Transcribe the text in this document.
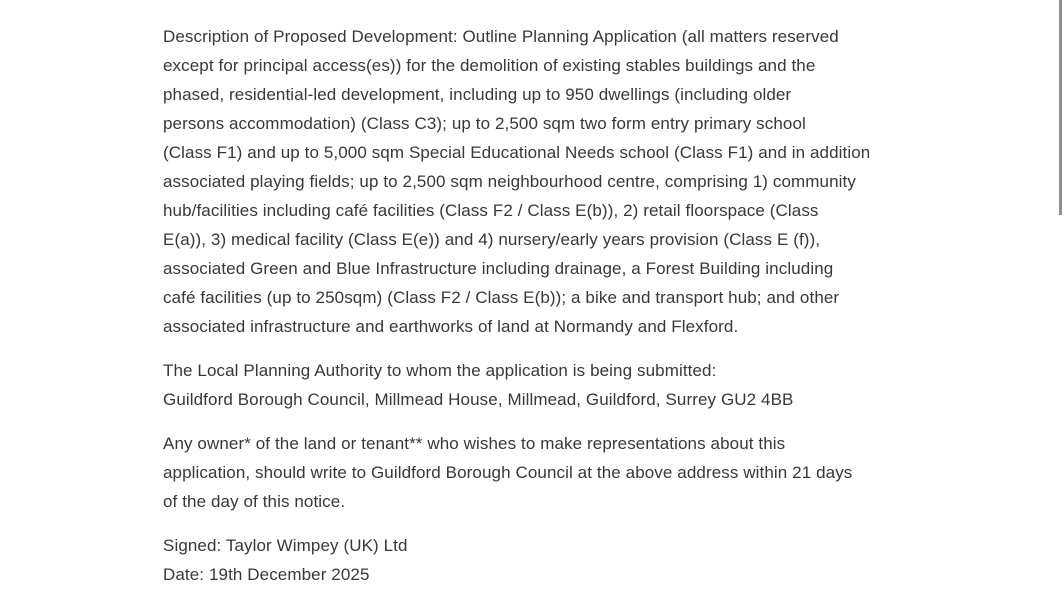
Description of Proposed Development: Outline Planning Application (all matters reserved
except for principal access(es)) for the demolition of existing stables buildings and the
phased, residential-led development, including up to 950 dwellings (including older
persons accommodation) (Class C3); up to 2,500 sqm two form entry primary school
(Class F1) and up to 5,000 sqm Special Educational Needs school (Class F1) and in addition
associated playing fields; up to 2,500 sqm neighbourhood centre, comprising 1) community
hub/facilities including café facilities (Class F2 / Class E(b)), 2) retail floorspace (Class
E(a)), 3) medical facility (Class E(e)) and 4) nursery/early years provision (Class E (f)),
associated Green and Blue Infrastructure including drainage, a Forest Building including
café facilities (up to 250sqm) (Class F2 / Class E(b)); a bike and transport hub; and other
associated infrastructure and earthworks of land at Normandy and Flexford.
The Local Planning Authority to whom the application is being submitted:
Guildford Borough Council, Millmead House, Millmead, Guildford, Surrey GU2 4BB
Any owner* of the land or tenant** who wishes to make representations about this
application, should write to Guildford Borough Council at the above address within 21 days
of the day of this notice.
Signed: Taylor Wimpey (UK) Ltd
Date: 19th December 2025
